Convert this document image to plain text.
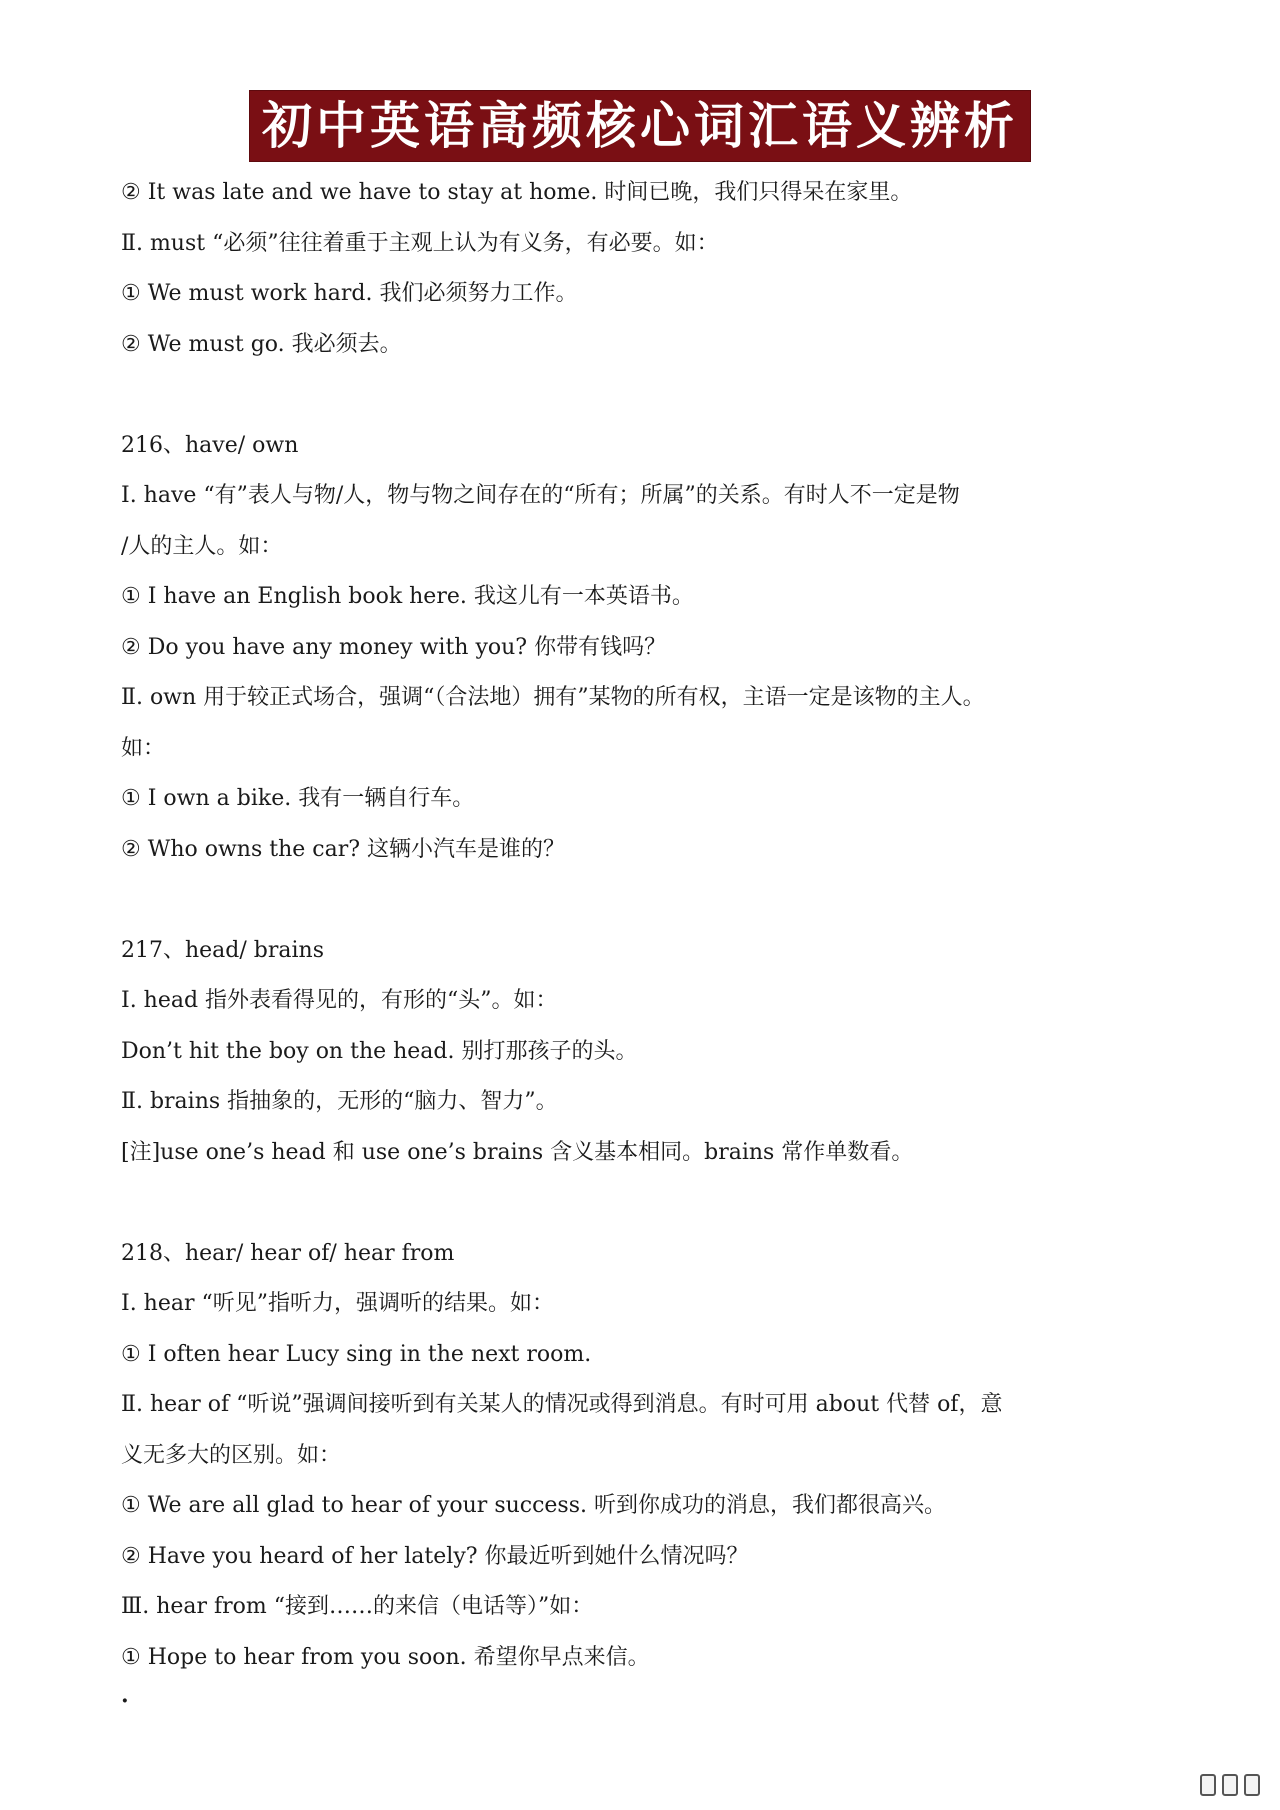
初中英语高频核心词汇语义辨析
② It was late and we have to stay at home. 时间已晚，我们只得呆在家里。
Ⅱ. must “必须”往往着重于主观上认为有义务，有必要。如：
① We must work hard. 我们必须努力工作。
② We must go. 我必须去。
216、have/ own
Ⅰ. have “有”表人与物/人，物与物之间存在的“所有；所属”的关系。有时人不一定是物
/人的主人。如：
① I have an English book here. 我这儿有一本英语书。
② Do you have any money with you? 你带有钱吗？
Ⅱ. own 用于较正式场合，强调“（合法地）拥有”某物的所有权，主语一定是该物的主人。
如：
① I own a bike. 我有一辆自行车。
② Who owns the car? 这辆小汽车是谁的？
217、head/ brains
Ⅰ. head 指外表看得见的，有形的“头”。如：
Don’t hit the boy on the head. 别打那孩子的头。
Ⅱ. brains 指抽象的，无形的“脑力、智力”。
[注]use one’s head 和 use one’s brains 含义基本相同。brains 常作单数看。
218、hear/ hear of/ hear from
Ⅰ. hear “听见”指听力，强调听的结果。如：
① I often hear Lucy sing in the next room.
Ⅱ. hear of “听说”强调间接听到有关某人的情况或得到消息。有时可用 about 代替 of，意
义无多大的区别。如：
① We are all glad to hear of your success. 听到你成功的消息，我们都很高兴。
② Have you heard of her lately? 你最近听到她什么情况吗？
Ⅲ. hear from “接到……的来信（电话等）”如：
① Hope to hear from you soon. 希望你早点来信。
·
